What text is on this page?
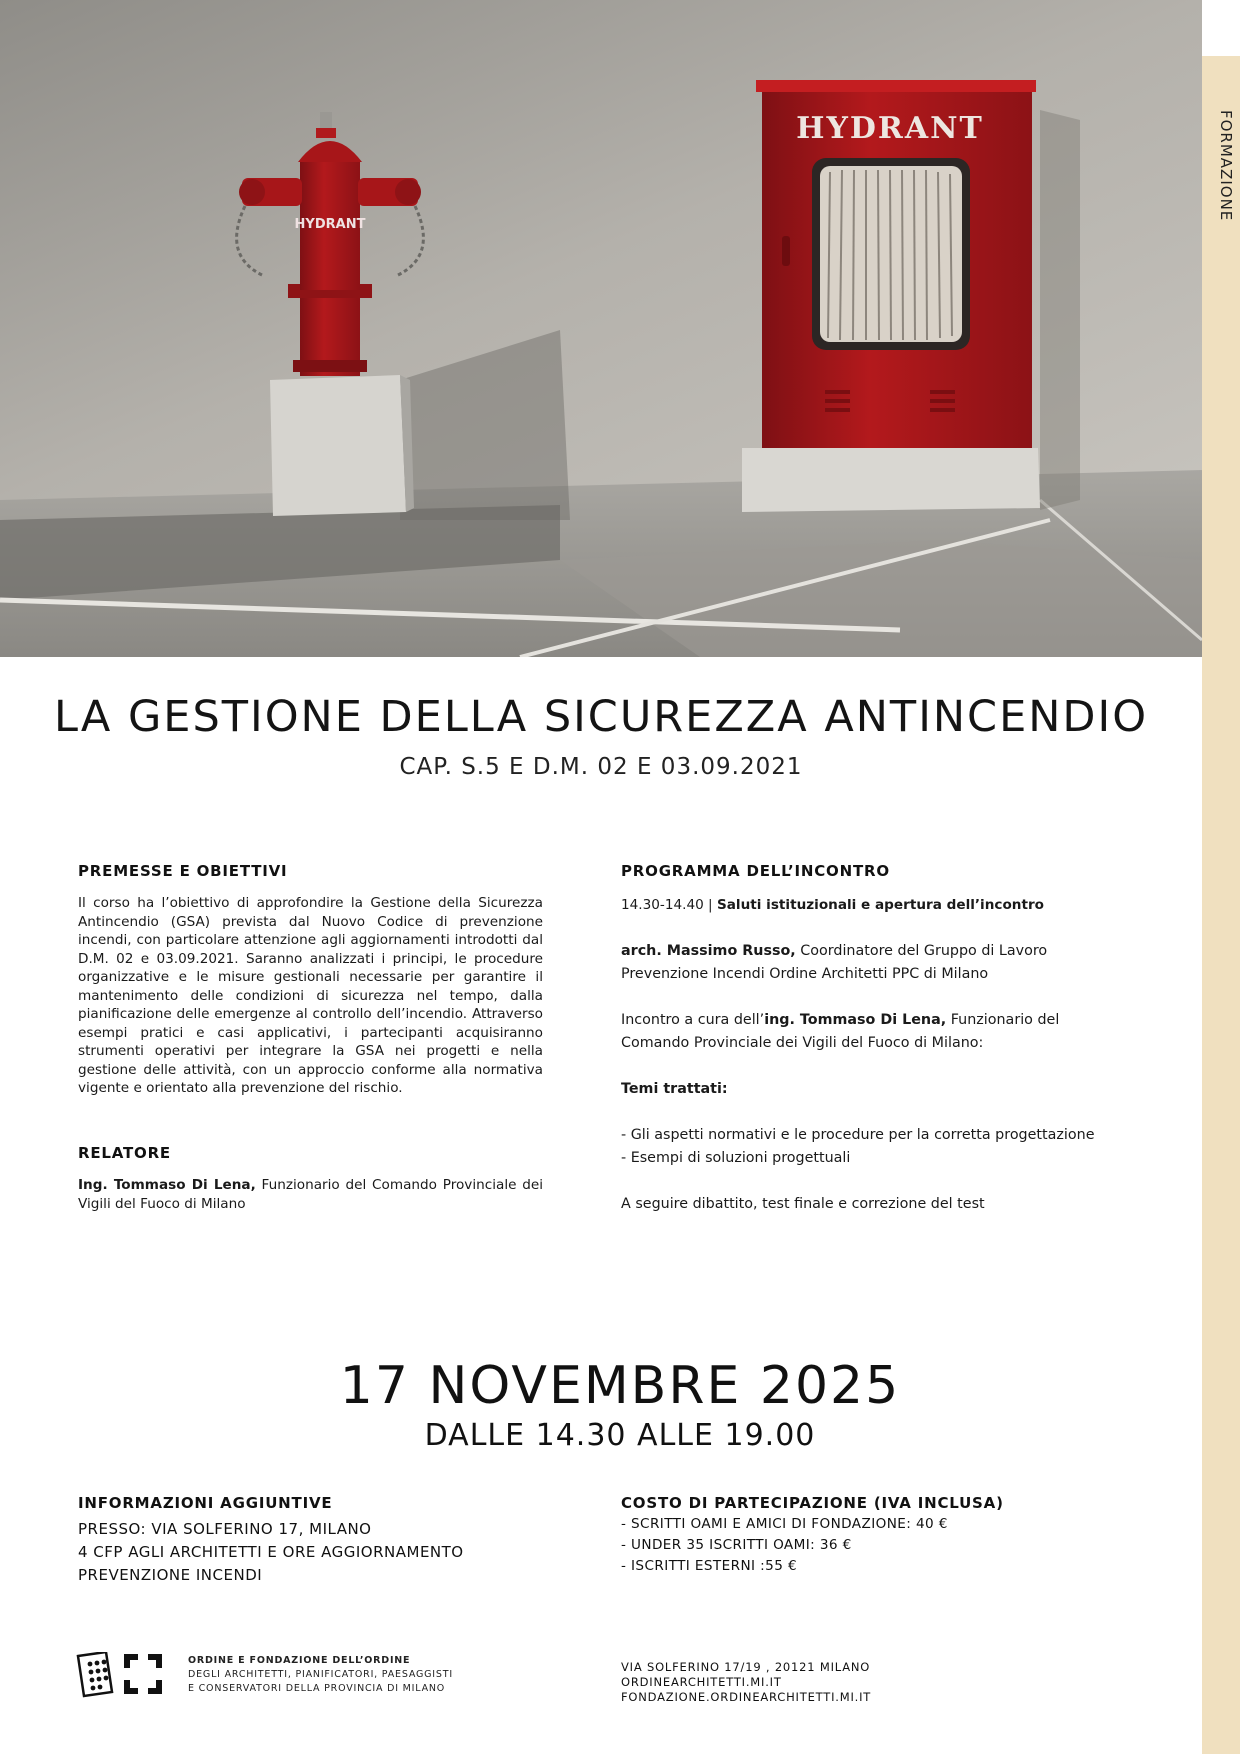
FORMAZIONE
HYDRANT
HYDRANT
LA GESTIONE DELLA SICUREZZA ANTINCENDIO
CAP. S.5 E D.M. 02 E 03.09.2021
PREMESSE E OBIETTIVI

Il corso ha l’obiettivo di approfondire la Gestione della Sicurezza Antincendio (GSA) prevista dal Nuovo Codice di prevenzione incendi, con particolare attenzione agli aggiornamenti introdotti dal D.M. 02 e 03.09.2021. Saranno analizzati i principi, le procedure organizzative e le misure gestionali necessarie per garantire il mantenimento delle condizioni di sicurezza nel tempo, dalla pianificazione delle emergenze al controllo dell’incendio. Attraverso esempi pratici e casi applicativi, i partecipanti acquisiranno strumenti operativi per integrare la GSA nei progetti e nella gestione delle attività, con un approccio conforme alla normativa vigente e orientato alla prevenzione del rischio.

RELATORE

Ing. Tommaso Di Lena, Funzionario del Comando Provinciale dei Vigili del Fuoco di Milano

PROGRAMMA DELL’INCONTRO

14.30-14.40 | Saluti istituzionali e apertura dell’incontro

arch. Massimo Russo, Coordinatore del Gruppo di Lavoro

Prevenzione Incendi Ordine Architetti PPC di Milano

Incontro a cura dell’ing. Tommaso Di Lena, Funzionario del

Comando Provinciale dei Vigili del Fuoco di Milano:

Temi trattati:

- Gli aspetti normativi e le procedure per la corretta progettazione

- Esempi di soluzioni progettuali

A seguire dibattito, test finale e correzione del test

17 NOVEMBRE 2025
DALLE 14.30 ALLE 19.00
INFORMAZIONI AGGIUNTIVE

PRESSO: VIA SOLFERINO 17, MILANO

4 CFP AGLI ARCHITETTI E ORE AGGIORNAMENTO

PREVENZIONE INCENDI

COSTO DI PARTECIPAZIONE (IVA INCLUSA)

- SCRITTI OAMI E AMICI DI FONDAZIONE: 40 €

- UNDER 35 ISCRITTI OAMI: 36 €

- ISCRITTI ESTERNI :55 €

ORDINE E FONDAZIONE DELL’ORDINE
DEGLI ARCHITETTI, PIANIFICATORI, PAESAGGISTI
E CONSERVATORI DELLA PROVINCIA DI MILANO
VIA SOLFERINO 17/19 , 20121 MILANO
ORDINEARCHITETTI.MI.IT
FONDAZIONE.ORDINEARCHITETTI.MI.IT
